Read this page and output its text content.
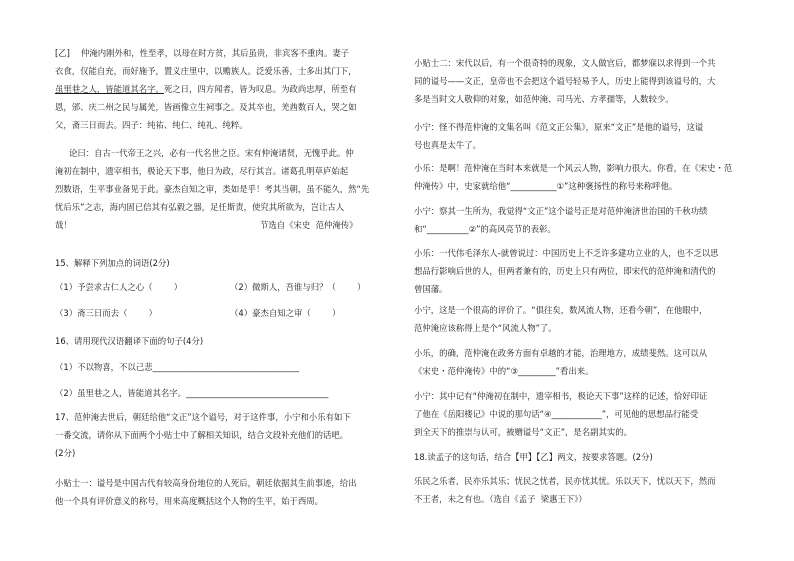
[乙] 仲淹内刚外和，性至孝，以母在时方贫，其后虽贵，非宾客不重肉。妻子
衣食，仅能自充，而好施予，置义庄里中，以赡族人。泛爱乐善，士多出其门下，
虽里巷之人，皆能道其名字。死之日，四方闻者，皆为叹息。为政尚忠厚，所至有
恩，邠、庆二州之民与属羌，皆画像立生祠事之。及其卒也，羌酋数百人，哭之如
父，斋三日而去。四子：纯祐、纯仁、纯礼、纯粹。
论曰：自古一代帝王之兴，必有一代名世之臣。宋有仲淹诸贤，无愧乎此。仲
淹初在制中，遗宰相书，极论天下事，他日为政，尽行其言。诸葛孔明草庐始起
烈数语，生平事业备见于此。豪杰自知之审，类如是乎！考其当朝，虽不能久，然“先
忧后乐”之志，海内固已信其有弘毅之器，足任斯责，使究其所欲为，岂让古人
哉！	节选自《宋史  范仲淹传》
15、解释下列加点的词语(2分)
（1）予尝求古仁人之心（        ）	（2）微斯人，吾谁与归？（        ）
（3）斋三日而去（        ）	（4）豪杰自知之审（        ）
16、请用现代汉语翻译下面的句子(4分)
（1）不以物喜，不以己悲___________________________________
（2）虽里巷之人，皆能道其名字。__________________________________
17、范仲淹去世后，朝廷给他“文正”这个谥号，对于这件事，小宁和小乐有如下
一番交流，请你从下面两个小贴士中了解相关知识，结合文段补充他们的话吧。
(2分)
小贴士一：谥号是中国古代有较高身份地位的人死后，朝廷依据其生前事迹，给出
他一个具有评价意义的称号，用来高度概括这个人物的生平，始于西周。
小贴士二：宋代以后，有一个很奇特的现象，文人做官后，都梦寐以求得到一个共
同的谥号——文正，皇帝也不会把这个谥号轻易予人，历史上能得到该谥号的，大
多是当时文人敬仰的对象，如范仲淹、司马光、方孝孺等，人数较少。
小宁：怪不得范仲淹的文集名叫《范文正公集》，原来“文正”是他的谥号，这谥
号也真是太牛了。
小乐：是啊！范仲淹在当时本来就是一个风云人物，影响力很大。你看，在《宋史・范
仲淹传》中，史家就给他“___________①”这种褒扬性的称号来称呼他。
小宁：察其一生所为，我觉得“文正”这个谥号正是对范仲淹济世治国的千秋功绩
和“__________②”的高风亮节的表彰。
小乐：一代伟毛泽东人-就曾说过：中国历史上不乏许多建功立业的人，也不乏以思
想品行影响后世的人，但两者兼有的，历史上只有两位，即宋代的范仲淹和清代的
曾国藩。
小宁，这是一个很高的评价了。“俱往矣，数风流人物，还看今朝”，在他眼中，
范仲淹应该称得上是个“风流人物”了。
小乐，的确，范仲淹在政务方面有卓越的才能，治理地方，成绩斐然。这可以从
《宋史・范仲淹传》中的“③_________”看出来。
小宁：其中记有“仲淹初在制中，遗宰相书，极论天下事”这样的记述，恰好印证
了他在《岳阳楼记》中说的那句话“④____________”，可见他的思想品行能受
到全天下的推崇与认可，被赠谥号“文正”，是名副其实的。
18.读孟子的这句话，结合【甲】【乙】两文，按要求答题。(2分)
乐民之乐者，民亦乐其乐；忧民之忧者，民亦忧其忧。乐以天下，忧以天下，然而
不王者，未之有也。（选自《孟子  梁惠王下》）
